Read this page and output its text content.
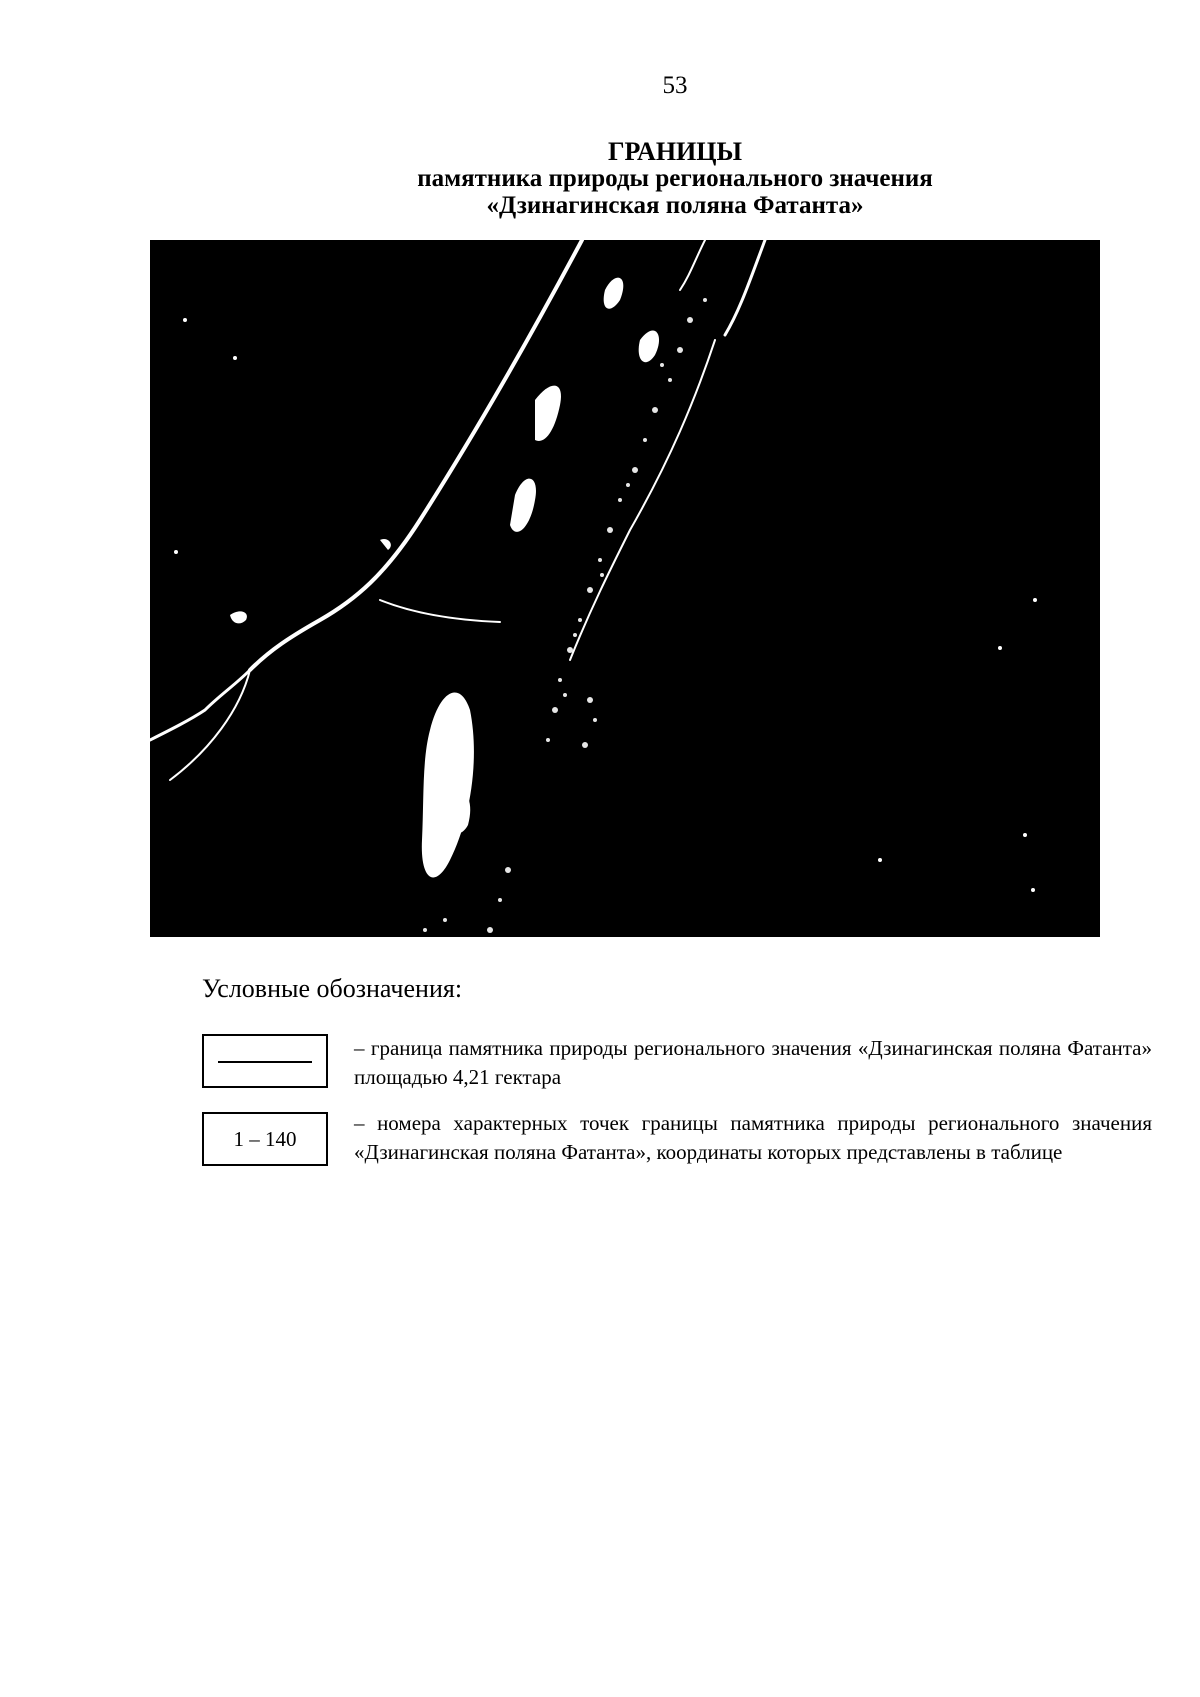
53
ГРАНИЦЫ
памятника природы регионального значения
«Дзинагинская поляна Фатанта»
Условные обозначения:
– граница памятника природы регионального значения «Дзинагинская поляна Фатанта» площадью 4,21 гектара
1 – 140
– номера характерных точек границы памятника природы регионального значения «Дзинагинская поляна Фатанта», координаты которых представлены в таблице
